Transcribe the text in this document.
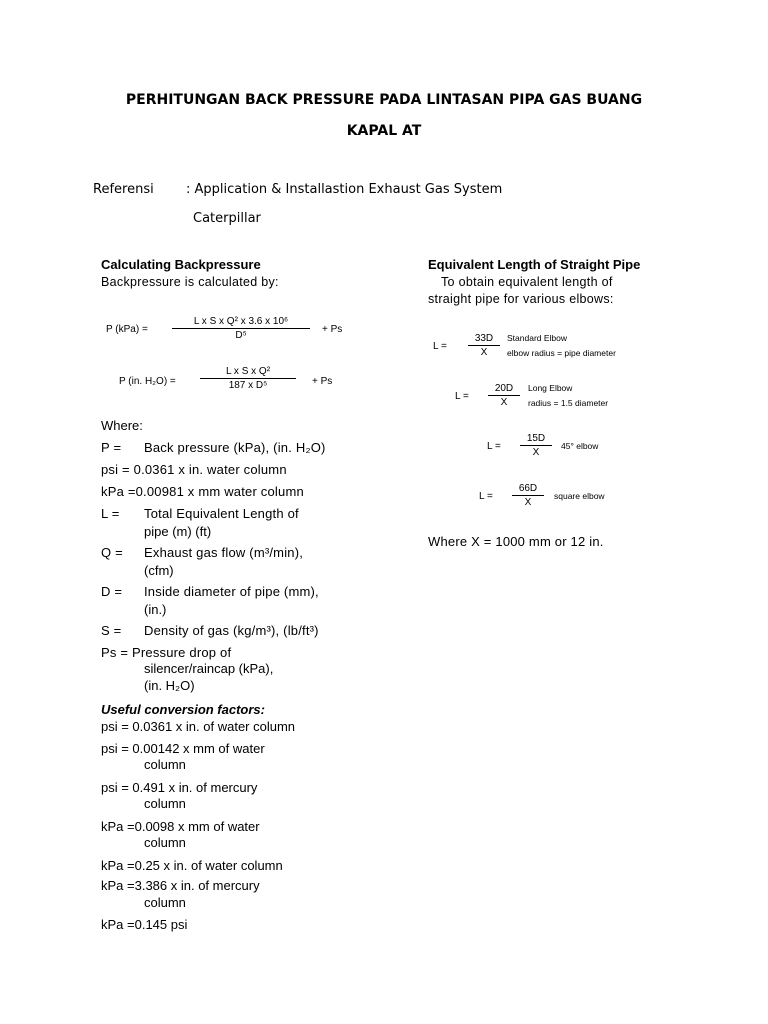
PERHITUNGAN BACK PRESSURE PADA LINTASAN PIPA GAS BUANG
KAPAL AT
Referensi : Application & Installastion Exhaust Gas System
Caterpillar
Calculating Backpressure
Backpressure is calculated by:
P (kPa) =
L x S x Q² x 3.6 x 10⁶
D⁵
+ Ps
P (in. H₂O) =
L x S x Q²
187 x D⁵	+ Ps
Where:
P = Back pressure (kPa), (in. H₂O)
psi = 0.0361 x in. water column
kPa =0.00981 x mm water column
L = Total Equivalent Length of
pipe (m) (ft)
Q = Exhaust gas flow (m³/min),
(cfm)
D = Inside diameter of pipe (mm),
(in.)
S = Density of gas (kg/m³), (lb/ft³)
Ps = Pressure drop of
silencer/raincap (kPa),
(in. H₂O)
Useful conversion factors:
psi = 0.0361 x in. of water column
psi = 0.00142 x mm of water
column
psi = 0.491 x in. of mercury
column
kPa =0.0098 x mm of water
column
kPa =0.25 x in. of water column
kPa =3.386 x in. of mercury
column
kPa =0.145 psi
Equivalent Length of Straight Pipe
To obtain equivalent length of
straight pipe for various elbows:
L =
33D
X
Standard Elbow
elbow radius = pipe diameter
L =
20D
X
Long Elbow
radius = 1.5 diameter
L =
15D
X
45° elbow
L =
66D
X
square elbow
Where X = 1000 mm or 12 in.
